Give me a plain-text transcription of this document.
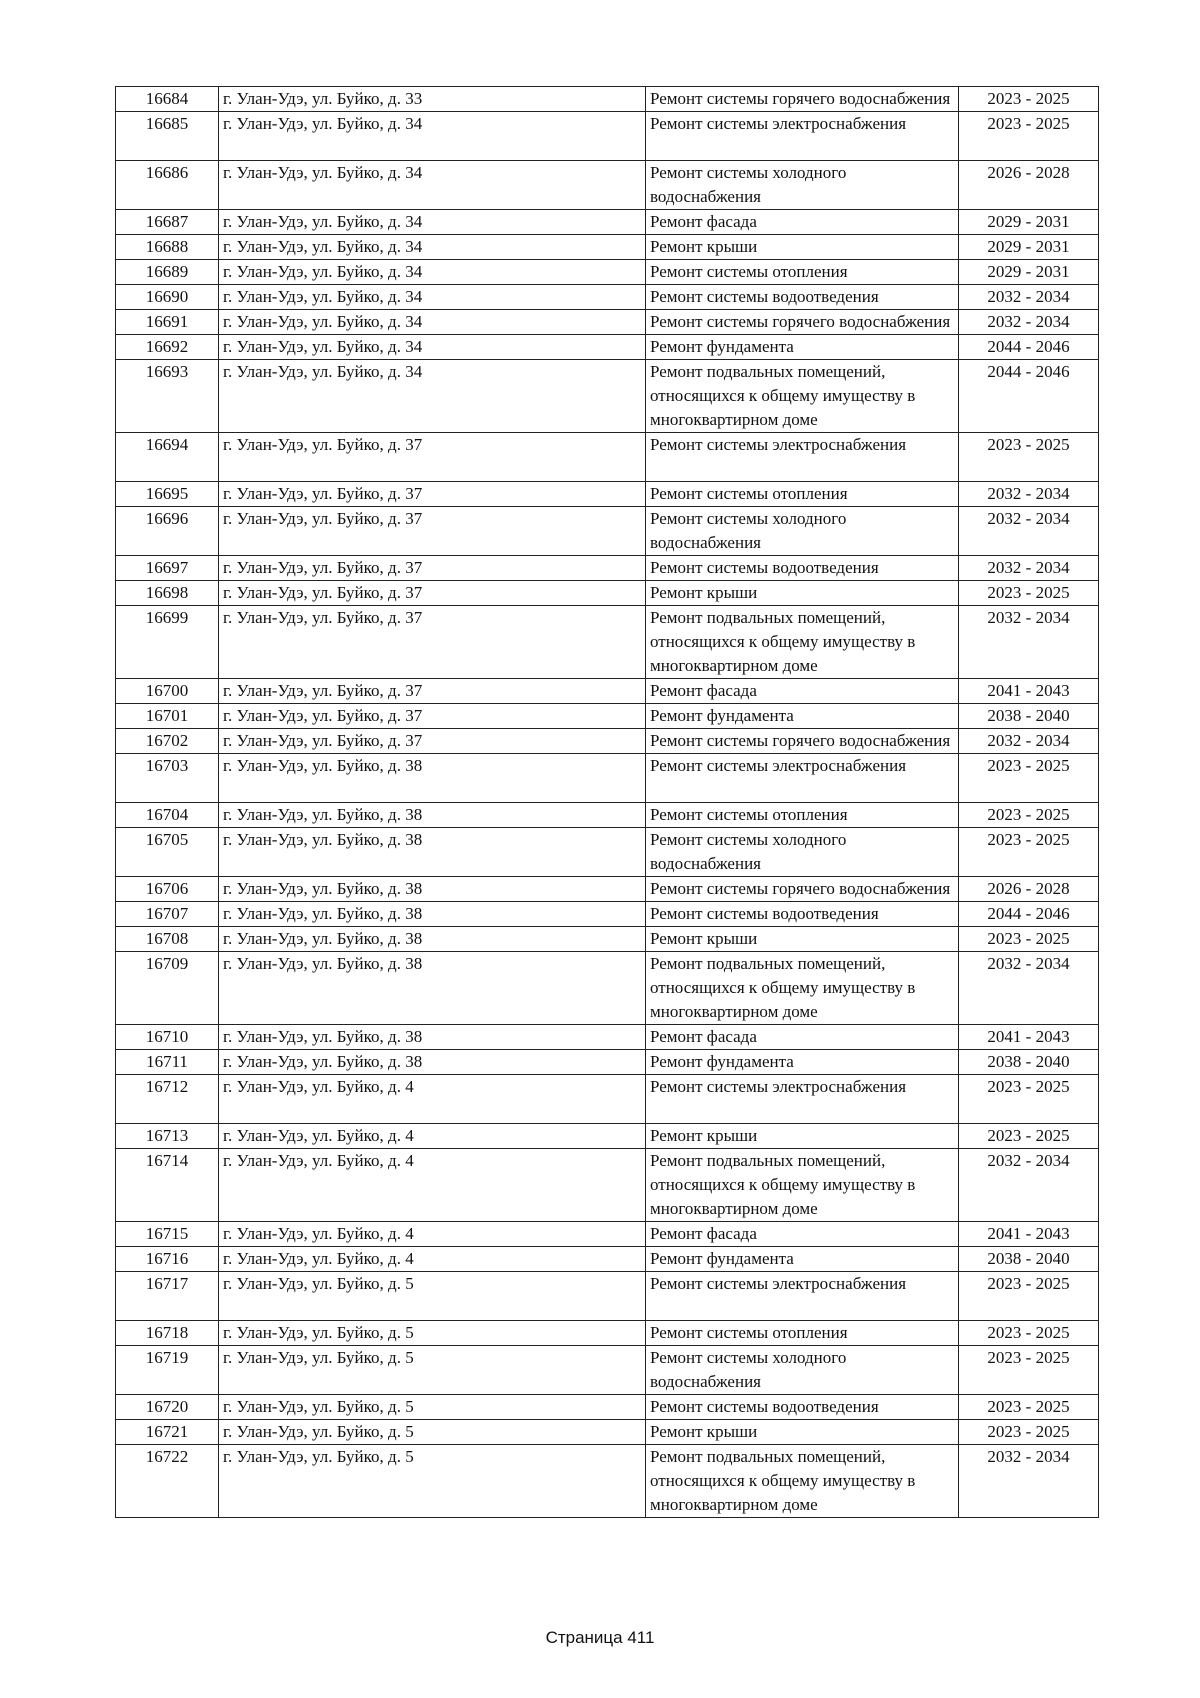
16684	г. Улан-Удэ, ул. Буйко, д. 33	Ремонт системы горячего водоснабжения	2023 - 2025
16685	г. Улан-Удэ, ул. Буйко, д. 34	Ремонт системы электроснабжения	2023 - 2025
16686	г. Улан-Удэ, ул. Буйко, д. 34	Ремонт системы холодного водоснабжения	2026 - 2028
16687	г. Улан-Удэ, ул. Буйко, д. 34	Ремонт фасада	2029 - 2031
16688	г. Улан-Удэ, ул. Буйко, д. 34	Ремонт крыши	2029 - 2031
16689	г. Улан-Удэ, ул. Буйко, д. 34	Ремонт системы отопления	2029 - 2031
16690	г. Улан-Удэ, ул. Буйко, д. 34	Ремонт системы водоотведения	2032 - 2034
16691	г. Улан-Удэ, ул. Буйко, д. 34	Ремонт системы горячего водоснабжения	2032 - 2034
16692	г. Улан-Удэ, ул. Буйко, д. 34	Ремонт фундамента	2044 - 2046
16693	г. Улан-Удэ, ул. Буйко, д. 34	Ремонт подвальных помещений, относящихся к общему имуществу в многоквартирном доме	2044 - 2046
16694	г. Улан-Удэ, ул. Буйко, д. 37	Ремонт системы электроснабжения	2023 - 2025
16695	г. Улан-Удэ, ул. Буйко, д. 37	Ремонт системы отопления	2032 - 2034
16696	г. Улан-Удэ, ул. Буйко, д. 37	Ремонт системы холодного водоснабжения	2032 - 2034
16697	г. Улан-Удэ, ул. Буйко, д. 37	Ремонт системы водоотведения	2032 - 2034
16698	г. Улан-Удэ, ул. Буйко, д. 37	Ремонт крыши	2023 - 2025
16699	г. Улан-Удэ, ул. Буйко, д. 37	Ремонт подвальных помещений, относящихся к общему имуществу в многоквартирном доме	2032 - 2034
16700	г. Улан-Удэ, ул. Буйко, д. 37	Ремонт фасада	2041 - 2043
16701	г. Улан-Удэ, ул. Буйко, д. 37	Ремонт фундамента	2038 - 2040
16702	г. Улан-Удэ, ул. Буйко, д. 37	Ремонт системы горячего водоснабжения	2032 - 2034
16703	г. Улан-Удэ, ул. Буйко, д. 38	Ремонт системы электроснабжения	2023 - 2025
16704	г. Улан-Удэ, ул. Буйко, д. 38	Ремонт системы отопления	2023 - 2025
16705	г. Улан-Удэ, ул. Буйко, д. 38	Ремонт системы холодного водоснабжения	2023 - 2025
16706	г. Улан-Удэ, ул. Буйко, д. 38	Ремонт системы горячего водоснабжения	2026 - 2028
16707	г. Улан-Удэ, ул. Буйко, д. 38	Ремонт системы водоотведения	2044 - 2046
16708	г. Улан-Удэ, ул. Буйко, д. 38	Ремонт крыши	2023 - 2025
16709	г. Улан-Удэ, ул. Буйко, д. 38	Ремонт подвальных помещений, относящихся к общему имуществу в многоквартирном доме	2032 - 2034
16710	г. Улан-Удэ, ул. Буйко, д. 38	Ремонт фасада	2041 - 2043
16711	г. Улан-Удэ, ул. Буйко, д. 38	Ремонт фундамента	2038 - 2040
16712	г. Улан-Удэ, ул. Буйко, д. 4	Ремонт системы электроснабжения	2023 - 2025
16713	г. Улан-Удэ, ул. Буйко, д. 4	Ремонт крыши	2023 - 2025
16714	г. Улан-Удэ, ул. Буйко, д. 4	Ремонт подвальных помещений, относящихся к общему имуществу в многоквартирном доме	2032 - 2034
16715	г. Улан-Удэ, ул. Буйко, д. 4	Ремонт фасада	2041 - 2043
16716	г. Улан-Удэ, ул. Буйко, д. 4	Ремонт фундамента	2038 - 2040
16717	г. Улан-Удэ, ул. Буйко, д. 5	Ремонт системы электроснабжения	2023 - 2025
16718	г. Улан-Удэ, ул. Буйко, д. 5	Ремонт системы отопления	2023 - 2025
16719	г. Улан-Удэ, ул. Буйко, д. 5	Ремонт системы холодного водоснабжения	2023 - 2025
16720	г. Улан-Удэ, ул. Буйко, д. 5	Ремонт системы водоотведения	2023 - 2025
16721	г. Улан-Удэ, ул. Буйко, д. 5	Ремонт крыши	2023 - 2025
16722	г. Улан-Удэ, ул. Буйко, д. 5	Ремонт подвальных помещений, относящихся к общему имуществу в многоквартирном доме	2032 - 2034
Страница 411
